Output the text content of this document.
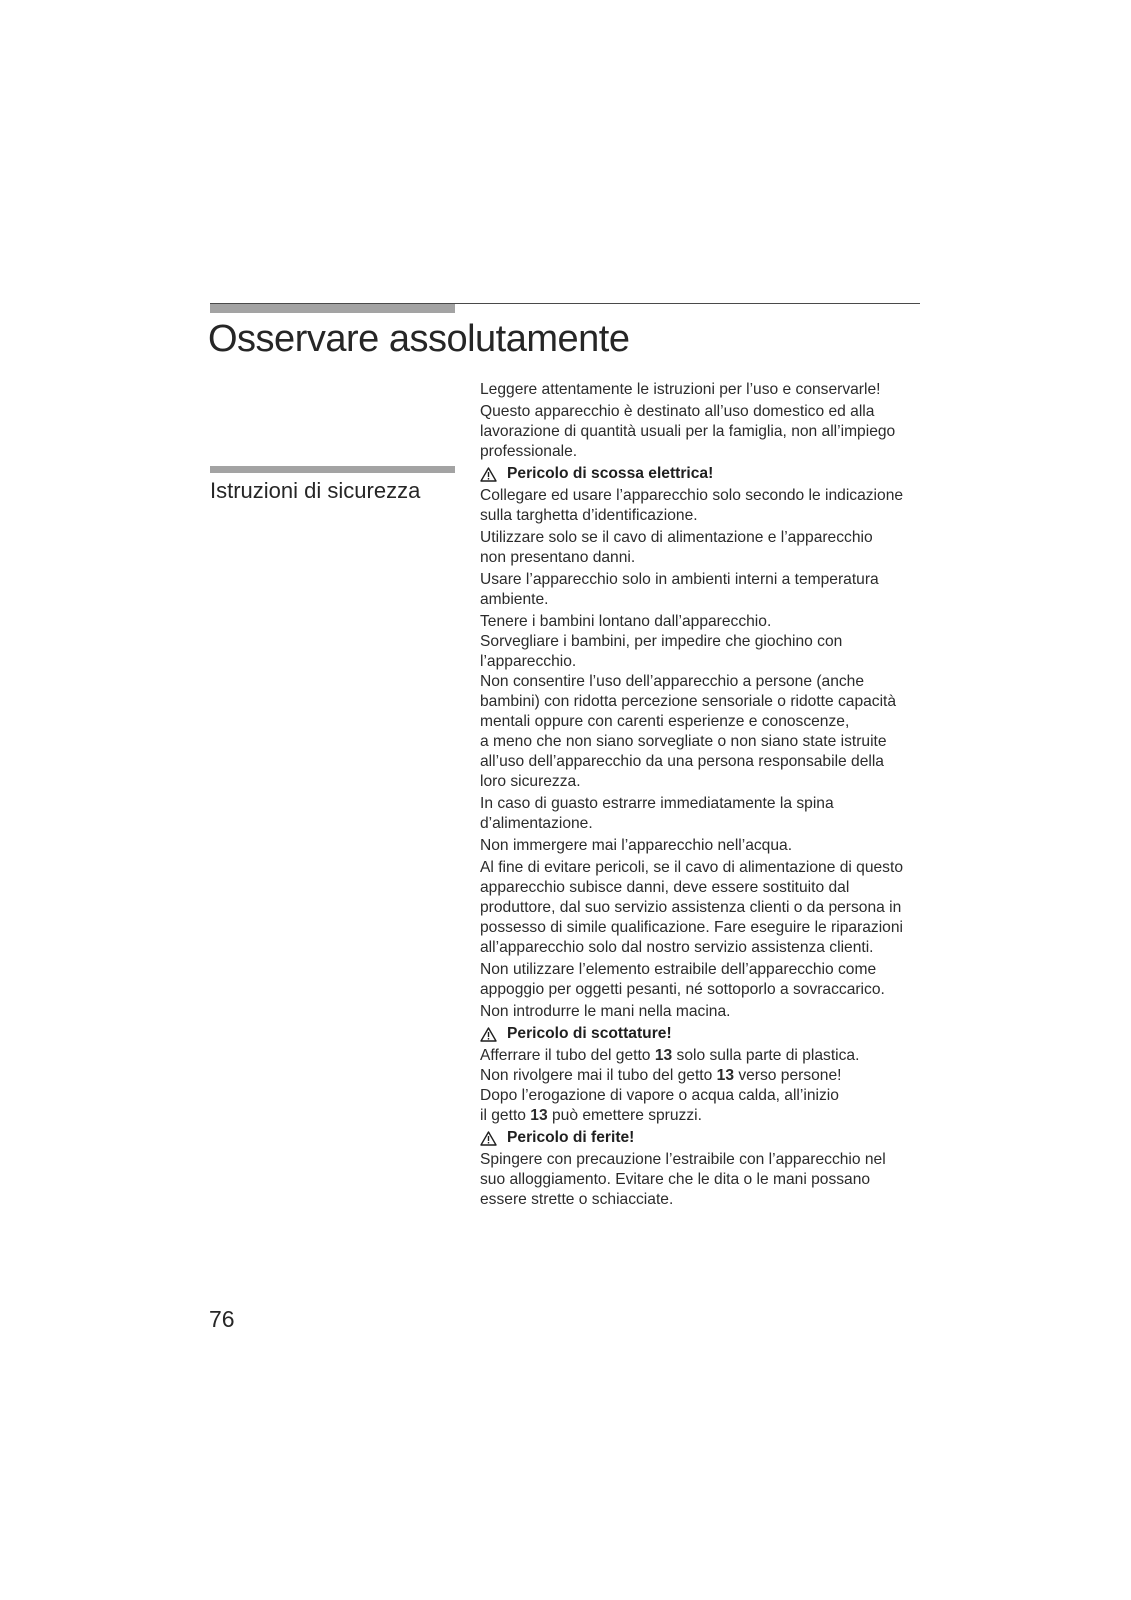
Osservare assolutamente
Istruzioni di sicurezza

Leggere attentamente le istruzioni per l’uso e conservarle!

Questo apparecchio è destinato all’uso domestico ed alla
lavorazione di quantità usuali per la famiglia, non all’impiego
professionale.

Pericolo di scossa elettrica!

Collegare ed usare l’apparecchio solo secondo le indicazione
sulla targhetta d’identificazione.

Utilizzare solo se il cavo di alimentazione e l’apparecchio
non presentano danni.

Usare l’apparecchio solo in ambienti interni a temperatura
ambiente.

Tenere i bambini lontano dall’apparecchio.
Sorvegliare i bambini, per impedire che giochino con
l’apparecchio.
Non consentire l’uso dell’apparecchio a persone (anche
bambini) con ridotta percezione sensoriale o ridotte capacità
mentali oppure con carenti esperienze e conoscenze,
a meno che non siano sorvegliate o non siano state istruite
all’uso dell’apparecchio da una persona responsabile della
loro sicurezza.

In caso di guasto estrarre immediatamente la spina
d’alimentazione.

Non immergere mai l’apparecchio nell’acqua.

Al fine di evitare pericoli, se il cavo di alimentazione di questo
apparecchio subisce danni, deve essere sostituito dal
produttore, dal suo servizio assistenza clienti o da persona in
possesso di simile qualificazione. Fare eseguire le riparazioni
all’apparecchio solo dal nostro servizio assistenza clienti.

Non utilizzare l’elemento estraibile dell’apparecchio come
appoggio per oggetti pesanti, né sottoporlo a sovraccarico.

Non introdurre le mani nella macina.

Pericolo di scottature!

Afferrare il tubo del getto 13 solo sulla parte di plastica.
Non rivolgere mai il tubo del getto 13 verso persone!
Dopo l’erogazione di vapore o acqua calda, all’inizio
il getto 13 può emettere spruzzi.

Pericolo di ferite!

Spingere con precauzione l’estraibile con l’apparecchio nel
suo alloggiamento. Evitare che le dita o le mani possano
essere strette o schiacciate.

76
